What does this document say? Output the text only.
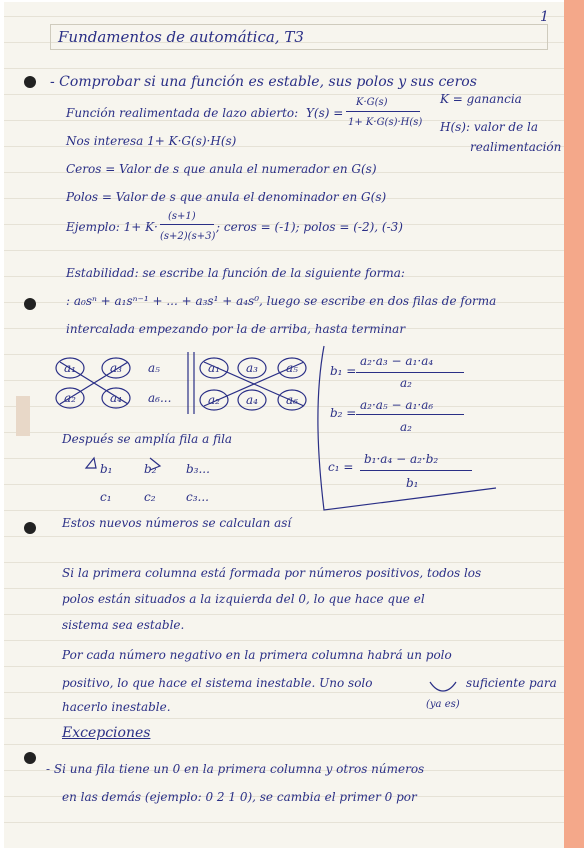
1
Fundamentos de automática, T3
- Comprobar si una función es estable, sus polos y sus ceros
Función realimentada de lazo abierto: Y(s) =
K·G(s)
1+ K·G(s)·H(s)
K = ganancia
H(s): valor de la
realimentación
Nos interesa 1+ K·G(s)·H(s)
Ceros = Valor de s que anula el numerador en G(s)
Polos = Valor de s que anula el denominador en G(s)
Ejemplo: 1+ K·
(s+1)
(s+2)(s+3)
; ceros = (-1); polos = (-2), (-3)
Estabilidad: se escribe la función de la siguiente forma:
: a₀sⁿ + a₁sⁿ⁻¹ + ... + a₃s¹ + a₄s⁰, luego se escribe en dos filas de forma
intercalada empezando por la de arriba, hasta terminar
a₁	a₃ a₅
a₂	a₄ a₆...
a₁ a₃ a₅
a₂ a₄ a₆
b₁ =
a₂·a₃ − a₁·a₄
a₂
b₂ =
a₂·a₅ − a₁·a₆
a₂
c₁ =
b₁·a₄ − a₂·b₂
b₁
Después se amplía fila a fila
b₁	b₂ b₃...
c₁	c₂	c₃...
Estos nuevos números se calculan así
Si la primera columna está formada por números positivos, todos los
polos están situados a la izquierda del 0, lo que hace que el
sistema sea estable.
Por cada número negativo en la primera columna habrá un polo
positivo, lo que hace el sistema inestable. Uno solo	suficiente para
(ya es)
hacerlo inestable.
Excepciones
- Si una fila tiene un 0 en la primera columna y otros números
en las demás (ejemplo: 0 2 1 0), se cambia el primer 0 por
